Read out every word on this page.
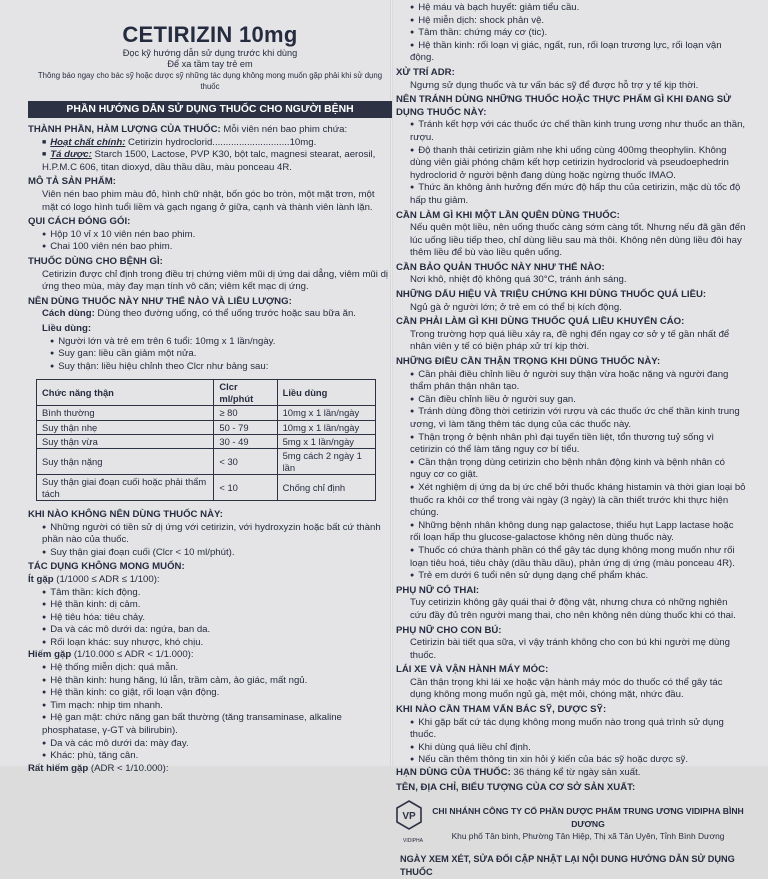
CETIRIZIN 10mg
Đọc kỹ hướng dẫn sử dụng trước khi dùng
Để xa tầm tay trẻ em
Thông báo ngay cho bác sỹ hoặc dược sỹ những tác dụng không mong muốn gặp phải khi sử dụng thuốc
PHẦN HƯỚNG DẪN SỬ DỤNG THUỐC CHO NGƯỜI BỆNH
THÀNH PHẦN, HÀM LƯỢNG CỦA THUỐC: Mỗi viên nén bao phim chứa:
■ Hoạt chất chính: Cetirizin hydroclorid.............................10mg.
■ Tá dược: Starch 1500, Lactose, PVP K30, bột talc, magnesi stearat, aerosil, H.P.M.C 606, titan dioxyd, dầu thầu dầu, màu ponceau 4R.
MÔ TẢ SẢN PHẨM:
Viên nén bao phim màu đỏ, hình chữ nhật, bốn góc bo tròn, một mặt trơn, một mặt có logo hình tuổi liềm và gạch ngang ở giữa, cạnh và thành viên lành lặn.
QUI CÁCH ĐÓNG GÓI:
● Hộp 10 vỉ x 10 viên nén bao phim.
● Chai 100 viên nén bao phim.
THUỐC DÙNG CHO BỆNH GÌ:
Cetirizin được chỉ định trong điều trị chứng viêm mũi dị ứng dai dẳng, viêm mũi dị ứng theo mùa, mày đay mạn tính vô căn; viêm kết mạc dị ứng.
NÊN DÙNG THUỐC NÀY NHƯ THẾ NÀO VÀ LIỀU LƯỢNG:
Cách dùng: Dùng theo đường uống, có thể uống trước hoặc sau bữa ăn.
Liều dùng:
● Người lớn và trẻ em trên 6 tuổi: 10mg x 1 lần/ngày.
● Suy gan: liều cần giảm một nửa.
● Suy thận: liều hiệu chỉnh theo Clcr như bảng sau:
Chức năng thận	Clcr ml/phút	Liều dùng
Bình thường	≥ 80	10mg x 1 lần/ngày
Suy thận nhẹ	50 - 79	10mg x 1 lần/ngày
Suy thận vừa	30 - 49	5mg x 1 lần/ngày
Suy thận nặng	< 30	5mg cách 2 ngày 1 lần
Suy thận giai đoạn cuối hoặc phải thẩm tách	< 10	Chống chỉ định
KHI NÀO KHÔNG NÊN DÙNG THUỐC NÀY:
● Những người có tiền sử dị ứng với cetirizin, với hydroxyzin hoặc bất cứ thành phần nào của thuốc.
● Suy thận giai đoạn cuối (Clcr < 10 ml/phút).
TÁC DỤNG KHÔNG MONG MUỐN:
Ít gặp (1/1000 ≤ ADR ≤ 1/100):
● Tâm thần: kích động.
● Hệ thần kinh: dị cảm.
● Hệ tiêu hóa: tiêu chảy.
● Da và các mô dưới da: ngứa, ban da.
● Rối loạn khác: suy nhược, khó chịu.
Hiếm gặp (1/10.000 ≤ ADR < 1/1.000):
● Hệ thống miễn dịch: quá mẫn.
● Hệ thần kinh: hung hăng, lú lẫn, trầm cảm, ảo giác, mất ngủ.
● Hệ thần kinh: co giật, rối loạn vận động.
● Tim mạch: nhịp tim nhanh.
● Hệ gan mật: chức năng gan bất thường (tăng transaminase, alkaline phosphatase, γ-GT và bilirubin).
● Da và các mô dưới da: mày đay.
● Khác: phù, tăng cân.
Rất hiếm gặp (ADR < 1/10.000):
● Hệ máu và bạch huyết: giảm tiểu cầu.
● Hệ miễn dịch: shock phản vệ.
● Tâm thần: chứng máy cơ (tic).
● Hệ thần kinh: rối loạn vị giác, ngất, run, rối loạn trương lực, rối loạn vận động.
XỬ TRÍ ADR:
Ngưng sử dụng thuốc và tư vấn bác sỹ để được hỗ trợ y tế kịp thời.
NÊN TRÁNH DÙNG NHỮNG THUỐC HOẶC THỰC PHẨM GÌ KHI ĐANG SỬ DỤNG THUỐC NÀY:
● Tránh kết hợp với các thuốc ức chế thần kinh trung ương như thuốc an thần, rượu.
● Độ thanh thải cetirizin giảm nhẹ khi uống cùng 400mg theophylin. Không dùng viên giải phóng chậm kết hợp cetirizin hydroclorid và pseudoephedrin hydroclorid ở người bệnh đang dùng hoặc ngừng thuốc IMAO.
● Thức ăn không ảnh hưởng đến mức độ hấp thu của cetirizin, mặc dù tốc độ hấp thu giảm.
CẦN LÀM GÌ KHI MỘT LẦN QUÊN DÙNG THUỐC:
Nếu quên một liều, nên uống thuốc càng sớm càng tốt. Nhưng nếu đã gần đến lúc uống liều tiếp theo, chỉ dùng liều sau mà thôi. Không nên dùng liều đôi hay thêm liều để bù vào liều quên uống.
CẦN BẢO QUẢN THUỐC NÀY NHƯ THẾ NÀO:
Nơi khô, nhiệt độ không quá 30°C, tránh ánh sáng.
NHỮNG DẤU HIỆU VÀ TRIỆU CHỨNG KHI DÙNG THUỐC QUÁ LIỀU:
Ngủ gà ở người lớn; ở trẻ em có thể bị kích động.
CẦN PHẢI LÀM GÌ KHI DÙNG THUỐC QUÁ LIỀU KHUYẾN CÁO:
Trong trường hợp quá liều xảy ra, đề nghị đến ngay cơ sở y tế gần nhất để nhân viên y tế có biện pháp xử trí kịp thời.
NHỮNG ĐIỀU CẦN THẬN TRỌNG KHI DÙNG THUỐC NÀY:
● Cần phải điều chỉnh liều ở người suy thận vừa hoặc nặng và người đang thẩm phân thận nhân tạo.
● Cần điều chỉnh liều ở người suy gan.
● Tránh dùng đồng thời cetirizin với rượu và các thuốc ức chế thần kinh trung ương, vì làm tăng thêm tác dụng của các thuốc này.
● Thận trọng ở bệnh nhân phì đại tuyến tiền liệt, tổn thương tuỷ sống vì cetirizin có thể làm tăng nguy cơ bí tiểu.
● Cần thận trọng dùng cetirizin cho bệnh nhân động kinh và bệnh nhân có nguy cơ co giật.
● Xét nghiệm dị ứng da bị ức chế bởi thuốc kháng histamin và thời gian loại bỏ thuốc ra khỏi cơ thể trong vài ngày (3 ngày) là cần thiết trước khi thực hiện chúng.
● Những bệnh nhân không dung nạp galactose, thiếu hụt Lapp lactase hoặc rối loạn hấp thu glucose-galactose không nên dùng thuốc này.
● Thuốc có chứa thành phần có thể gây tác dụng không mong muốn như rối loạn tiêu hoá, tiêu chảy (dầu thầu dầu), phản ứng dị ứng (màu ponceau 4R).
● Trẻ em dưới 6 tuổi nên sử dụng dạng chế phẩm khác.
PHỤ NỮ CÓ THAI:
Tuy cetirizin không gây quái thai ở động vật, nhưng chưa có những nghiên cứu đầy đủ trên người mang thai, cho nên không nên dùng thuốc khi có thai.
PHỤ NỮ CHO CON BÚ:
Cetirizin bài tiết qua sữa, vì vậy tránh không cho con bú khi người mẹ dùng thuốc.
LÁI XE VÀ VẬN HÀNH MÁY MÓC:
Cần thận trọng khi lái xe hoặc vận hành máy móc do thuốc có thể gây tác dụng không mong muốn ngủ gà, mệt mỏi, chóng mặt, nhức đầu.
KHI NÀO CẦN THAM VẤN BÁC SỸ, DƯỢC SỸ:
● Khi gặp bất cứ tác dụng không mong muốn nào trong quá trình sử dụng thuốc.
● Khi dùng quá liều chỉ định.
● Nếu cần thêm thông tin xin hỏi ý kiến của bác sỹ hoặc dược sỹ.
HẠN DÙNG CỦA THUỐC: 36 tháng kể từ ngày sản xuất.
TÊN, ĐỊA CHỈ, BIỂU TƯỢNG CỦA CƠ SỞ SẢN XUẤT:
VP
VIDIPHA
CHI NHÁNH CÔNG TY CỔ PHẦN DƯỢC PHẨM TRUNG ƯƠNG VIDIPHA BÌNH DƯƠNG
Khu phố Tân bình, Phường Tân Hiệp, Thị xã Tân Uyên, Tỉnh Bình Dương
NGÀY XEM XÉT, SỬA ĐỔI CẬP NHẬT LẠI NỘI DUNG HƯỚNG DẪN SỬ DỤNG THUỐC
